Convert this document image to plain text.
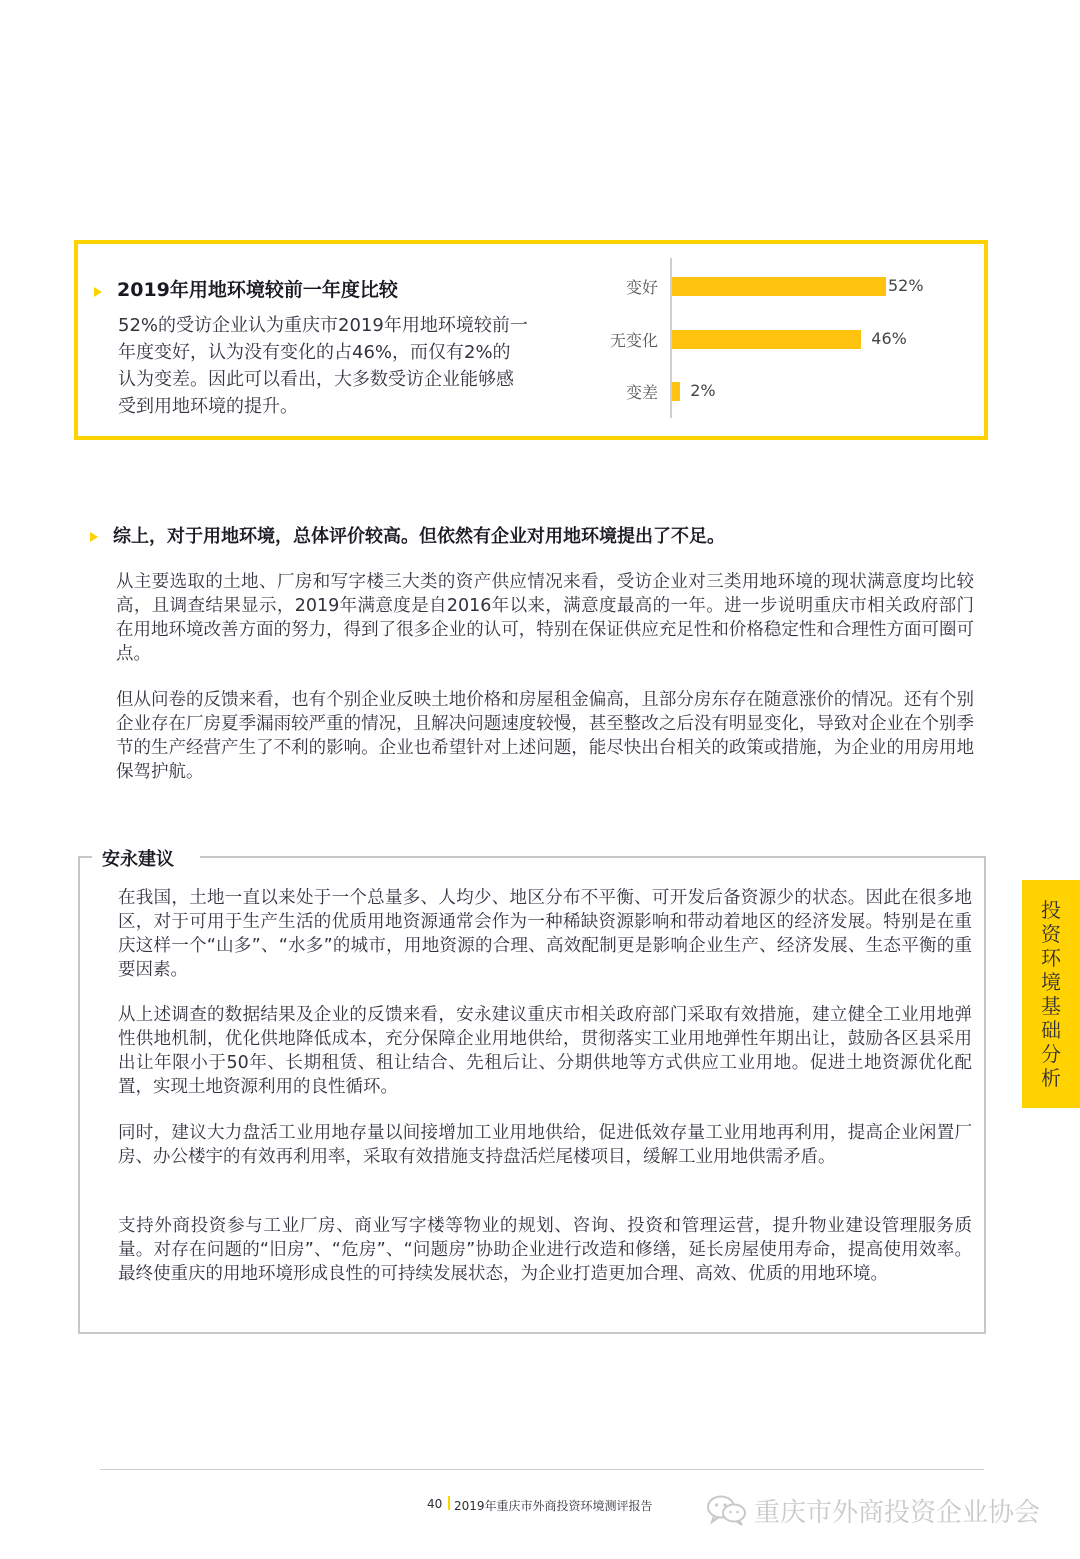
2019年用地环境较前一年度比较

52%的受访企业认为重庆市2019年用地环境较前一年度变好，认为没有变化的占46%，而仅有2%的认为变差。因此可以看出，大多数受访企业能够感受到用地环境的提升。

变好	52%
无变化	46%
变差 2%
综上，对于用地环境，总体评价较高。但依然有企业对用地环境提出了不足。

从主要选取的土地、厂房和写字楼三大类的资产供应情况来看，受访企业对三类用地环境的现状满意度均比较高，且调查结果显示，2019年满意度是自2016年以来，满意度最高的一年。进一步说明重庆市相关政府部门在用地环境改善方面的努力，得到了很多企业的认可，特别在保证供应充足性和价格稳定性和合理性方面可圈可点。

但从问卷的反馈来看，也有个别企业反映土地价格和房屋租金偏高，且部分房东存在随意涨价的情况。还有个别企业存在厂房夏季漏雨较严重的情况，且解决问题速度较慢，甚至整改之后没有明显变化，导致对企业在个别季节的生产经营产生了不利的影响。企业也希望针对上述问题，能尽快出台相关的政策或措施，为企业的用房用地保驾护航。

安永建议

在我国，土地一直以来处于一个总量多、人均少、地区分布不平衡、可开发后备资源少的状态。因此在很多地区，对于可用于生产生活的优质用地资源通常会作为一种稀缺资源影响和带动着地区的经济发展。特别是在重庆这样一个“山多”、“水多”的城市，用地资源的合理、高效配制更是影响企业生产、经济发展、生态平衡的重要因素。

从上述调查的数据结果及企业的反馈来看，安永建议重庆市相关政府部门采取有效措施，建立健全工业用地弹性供地机制，优化供地降低成本，充分保障企业用地供给，贯彻落实工业用地弹性年期出让，鼓励各区县采用出让年限小于50年、长期租赁、租让结合、先租后让、分期供地等方式供应工业用地。促进土地资源优化配置，实现土地资源利用的良性循环。

同时，建议大力盘活工业用地存量以间接增加工业用地供给，促进低效存量工业用地再利用，提高企业闲置厂房、办公楼宇的有效再利用率，采取有效措施支持盘活烂尾楼项目，缓解工业用地供需矛盾。

支持外商投资参与工业厂房、商业写字楼等物业的规划、咨询、投资和管理运营，提升物业建设管理服务质量。对存在问题的“旧房”、“危房”、“问题房”协助企业进行改造和修缮，延长房屋使用寿命，提高使用效率。最终使重庆的用地环境形成良性的可持续发展状态，为企业打造更加合理、高效、优质的用地环境。

投资环境基础分析
40 2019年重庆市外商投资环境测评报告	重庆市外商投资企业协会
